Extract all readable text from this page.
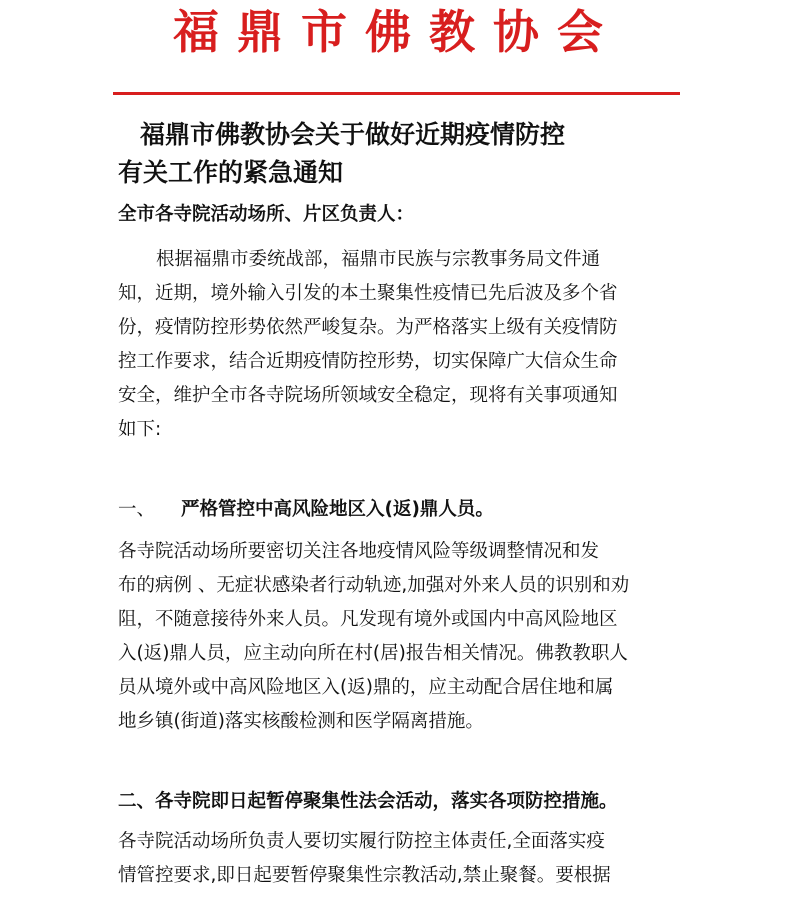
福鼎市佛教协会
福鼎市佛教协会关于做好近期疫情防控
有关工作的紧急通知
全市各寺院活动场所、片区负责人：
根据福鼎市委统战部，福鼎市民族与宗教事务局文件通
知，近期，境外输入引发的本土聚集性疫情已先后波及多个省
份，疫情防控形势依然严峻复杂。为严格落实上级有关疫情防
控工作要求，结合近期疫情防控形势，切实保障广大信众生命
安全，维护全市各寺院场所领域安全稳定，现将有关事项通知
如下:
一、 严格管控中高风险地区入(返)鼎人员。
各寺院活动场所要密切关注各地疫情风险等级调整情况和发
布的病例 、无症状感染者行动轨迹,加强对外来人员的识别和劝
阻，不随意接待外来人员。凡发现有境外或国内中高风险地区
入(返)鼎人员，应主动向所在村(居)报告相关情况。佛教教职人
员从境外或中高风险地区入(返)鼎的，应主动配合居住地和属
地乡镇(街道)落实核酸检测和医学隔离措施。
二、各寺院即日起暂停聚集性法会活动，落实各项防控措施。
各寺院活动场所负责人要切实履行防控主体责任,全面落实疫
情管控要求,即日起要暂停聚集性宗教活动,禁止聚餐。要根据
